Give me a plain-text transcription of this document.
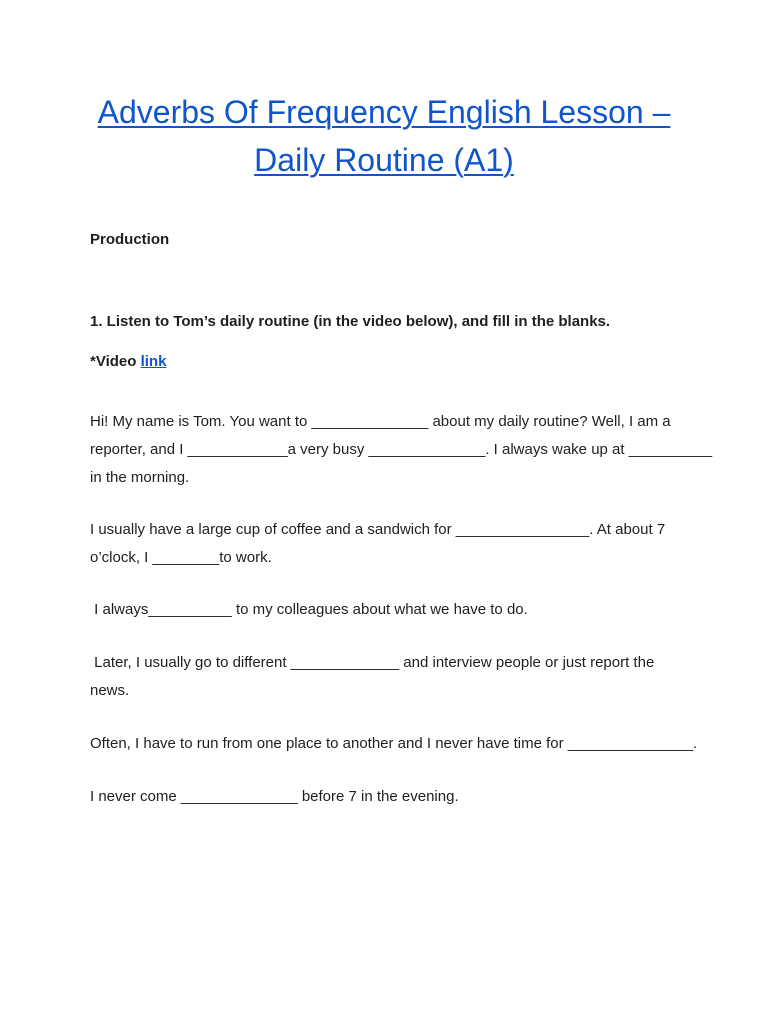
Adverbs Of Frequency English Lesson –
Daily Routine (A1)

Production

1. Listen to Tom’s daily routine (in the video below), and fill in the blanks.

*Video link

Hi! My name is Tom. You want to ______________ about my daily routine? Well, I am a

reporter, and I ____________a very busy ______________. I always wake up at __________

in the morning.

I usually have a large cup of coffee and a sandwich for ________________. At about 7

o’clock, I ________to work.

I always__________ to my colleagues about what we have to do.

Later, I usually go to different _____________ and interview people or just report the

news.

Often, I have to run from one place to another and I never have time for _______________.

I never come ______________ before 7 in the evening.
